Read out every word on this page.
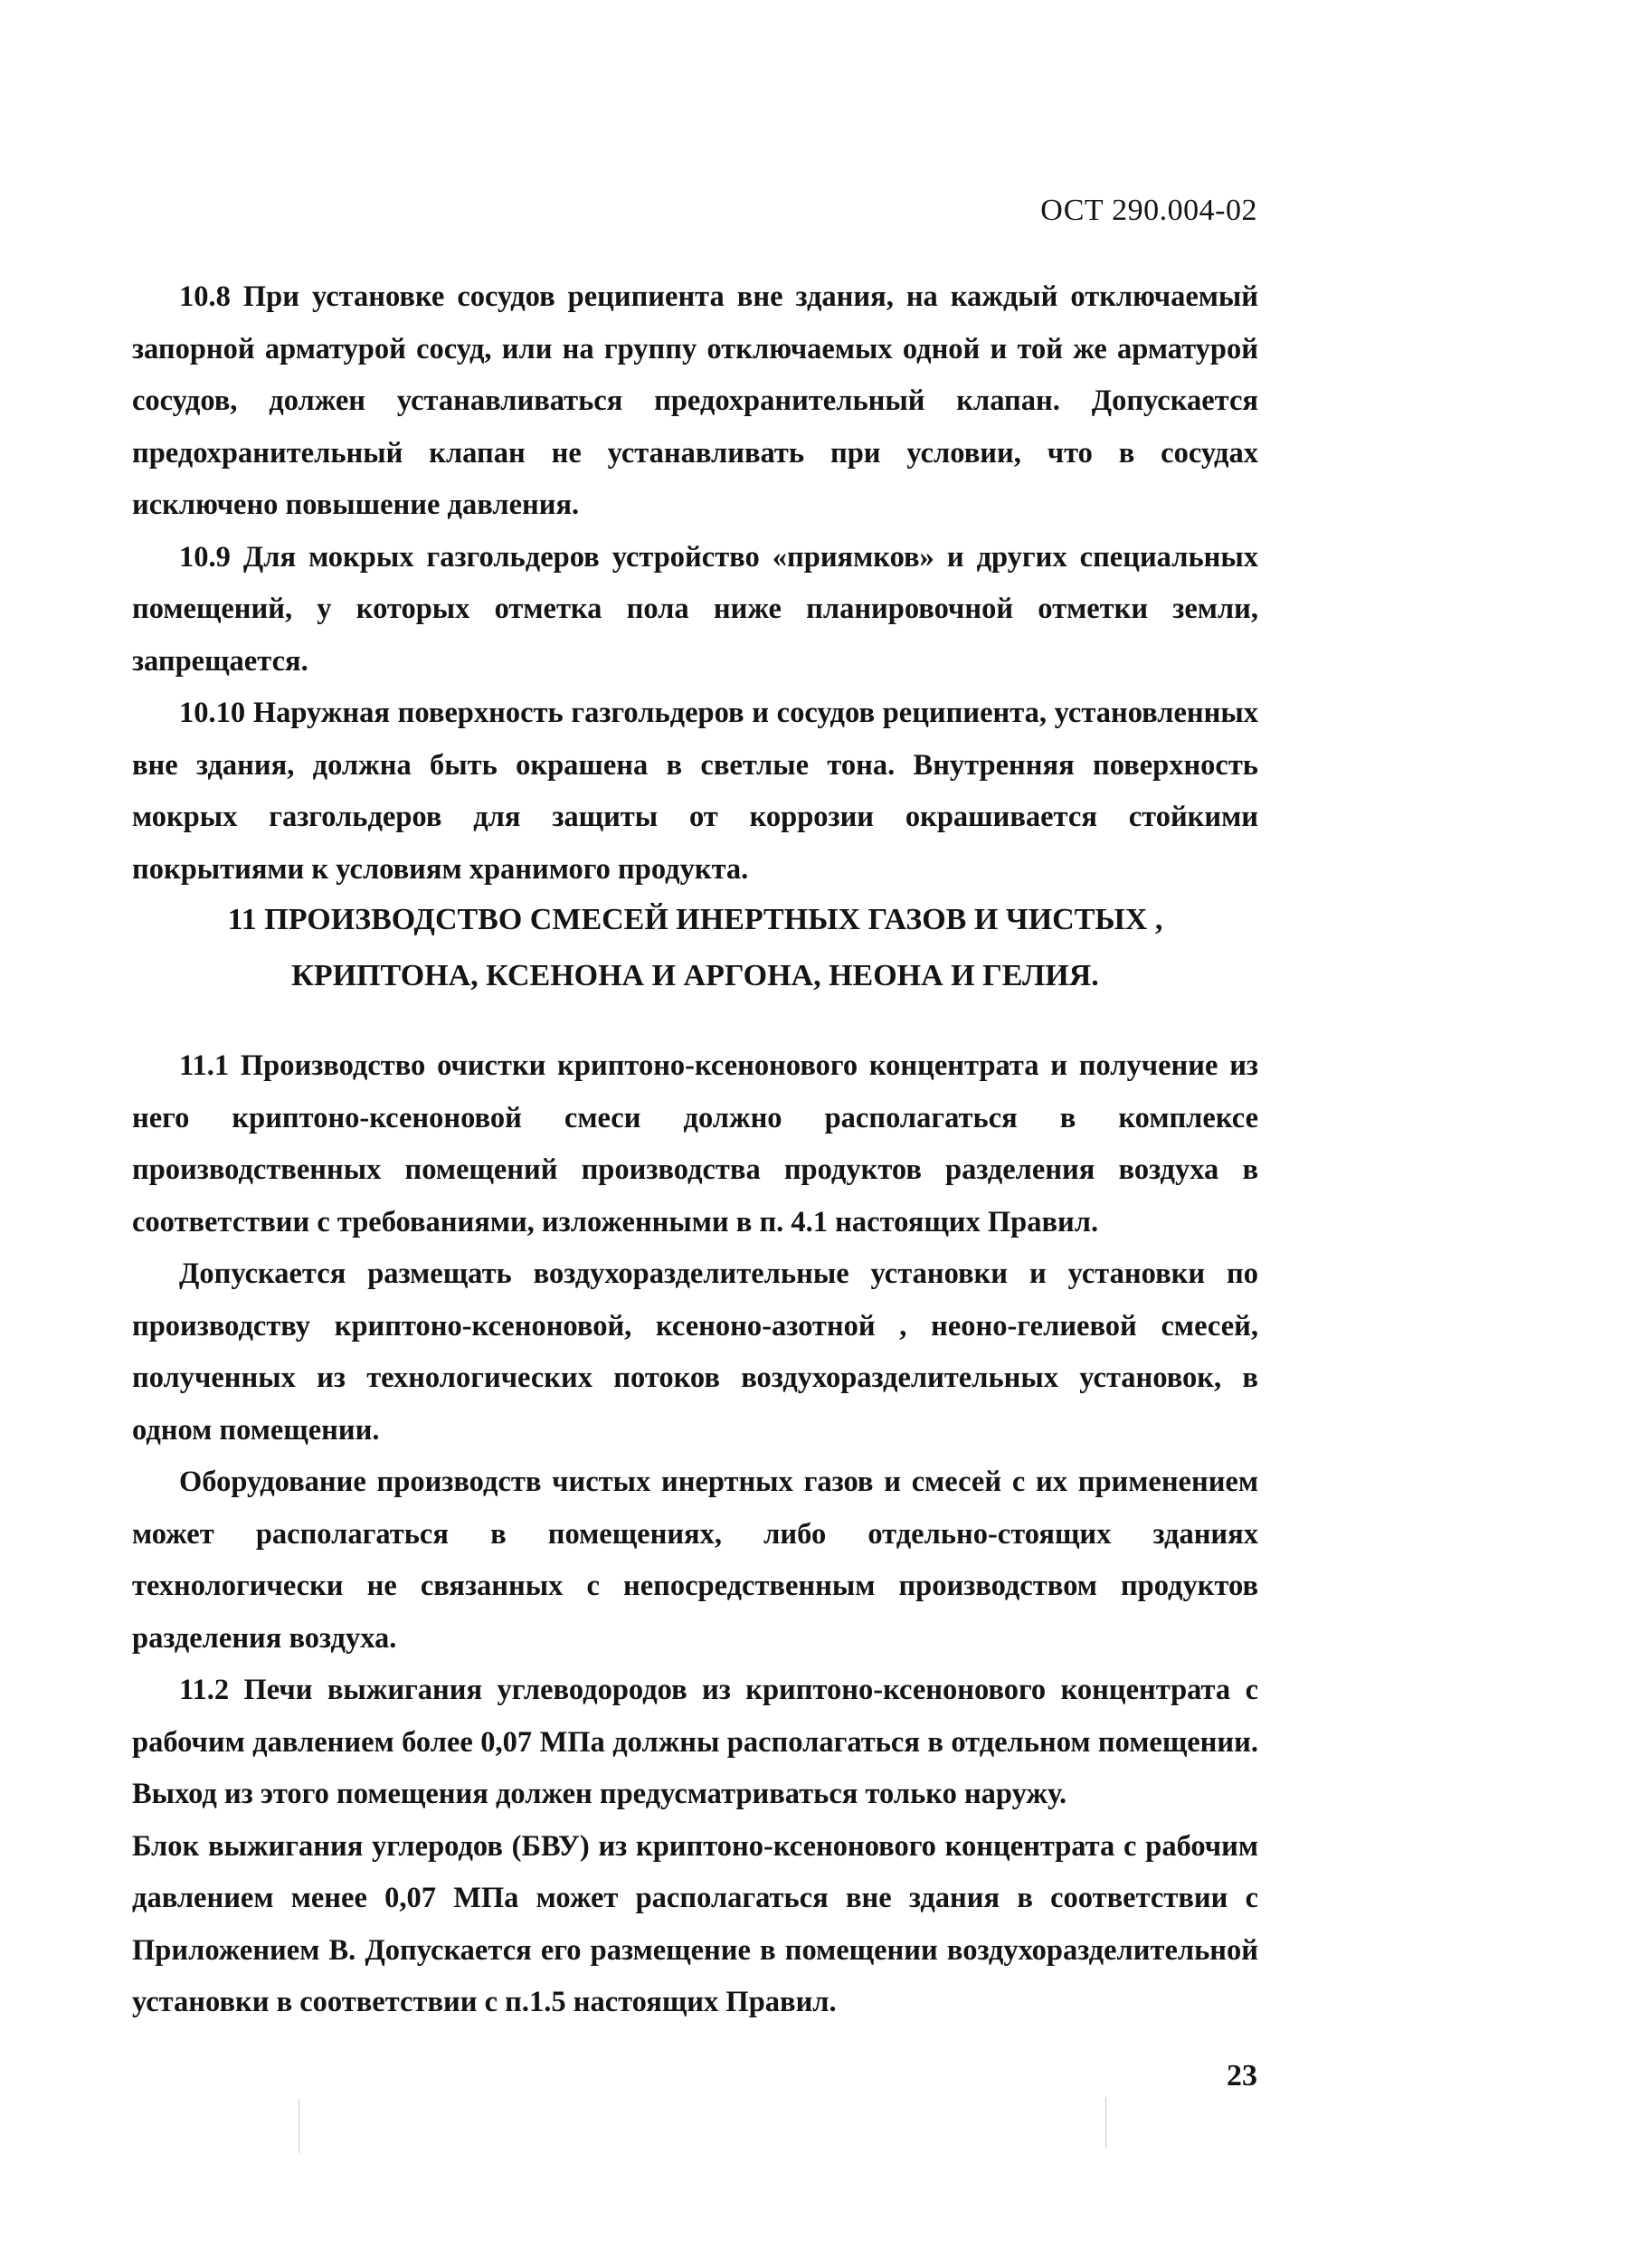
ОСТ 290.004-02

10.8 При установке сосудов реципиента вне здания, на каждый отключаемый запорной арматурой сосуд, или на группу отключаемых одной и той же арматурой сосудов, должен устанавливаться предохранительный клапан. Допускается предохранительный клапан не устанавливать при условии, что в сосудах исключено повышение давления.

10.9 Для мокрых газгольдеров устройство «приямков» и других специальных помещений, у которых отметка пола ниже планировочной отметки земли, запрещается.

10.10 Наружная поверхность газгольдеров и сосудов реципиента, установленных вне здания, должна быть окрашена в светлые тона. Внутренняя поверхность мокрых газгольдеров для защиты от коррозии окрашивается стойкими покрытиями к условиям хранимого продукта.

11 ПРОИЗВОДСТВО СМЕСЕЙ ИНЕРТНЫХ ГАЗОВ И ЧИСТЫХ ,
КРИПТОНА, КСЕНОНА И АРГОНА, НЕОНА И ГЕЛИЯ.

11.1 Производство очистки криптоно-ксенонового концентрата и получение из него криптоно-ксеноновой смеси должно располагаться в комплексе производственных помещений производства продуктов разделения воздуха в соответствии с требованиями, изложенными в п. 4.1 настоящих Правил.

Допускается размещать воздухоразделительные установки и установки по производству криптоно-ксеноновой, ксеноно-азотной , неоно-гелиевой смесей, полученных из технологических потоков воздухоразделительных установок, в одном помещении.

Оборудование производств чистых инертных газов и смесей с их применением может располагаться в помещениях, либо отдельно-стоящих зданиях технологически не связанных с непосредственным производством продуктов разделения воздуха.

11.2 Печи выжигания углеводородов из криптоно-ксенонового концентрата с рабочим давлением более 0,07 МПа должны располагаться в отдельном помещении. Выход из этого помещения должен предусматриваться только наружу.

Блок выжигания углеродов (БВУ) из криптоно-ксенонового концентрата с рабочим давлением менее 0,07 МПа может располагаться вне здания в соответствии с Приложением В. Допускается его размещение в помещении воздухоразделительной установки в соответствии с п.1.5 настоящих Правил.

23
